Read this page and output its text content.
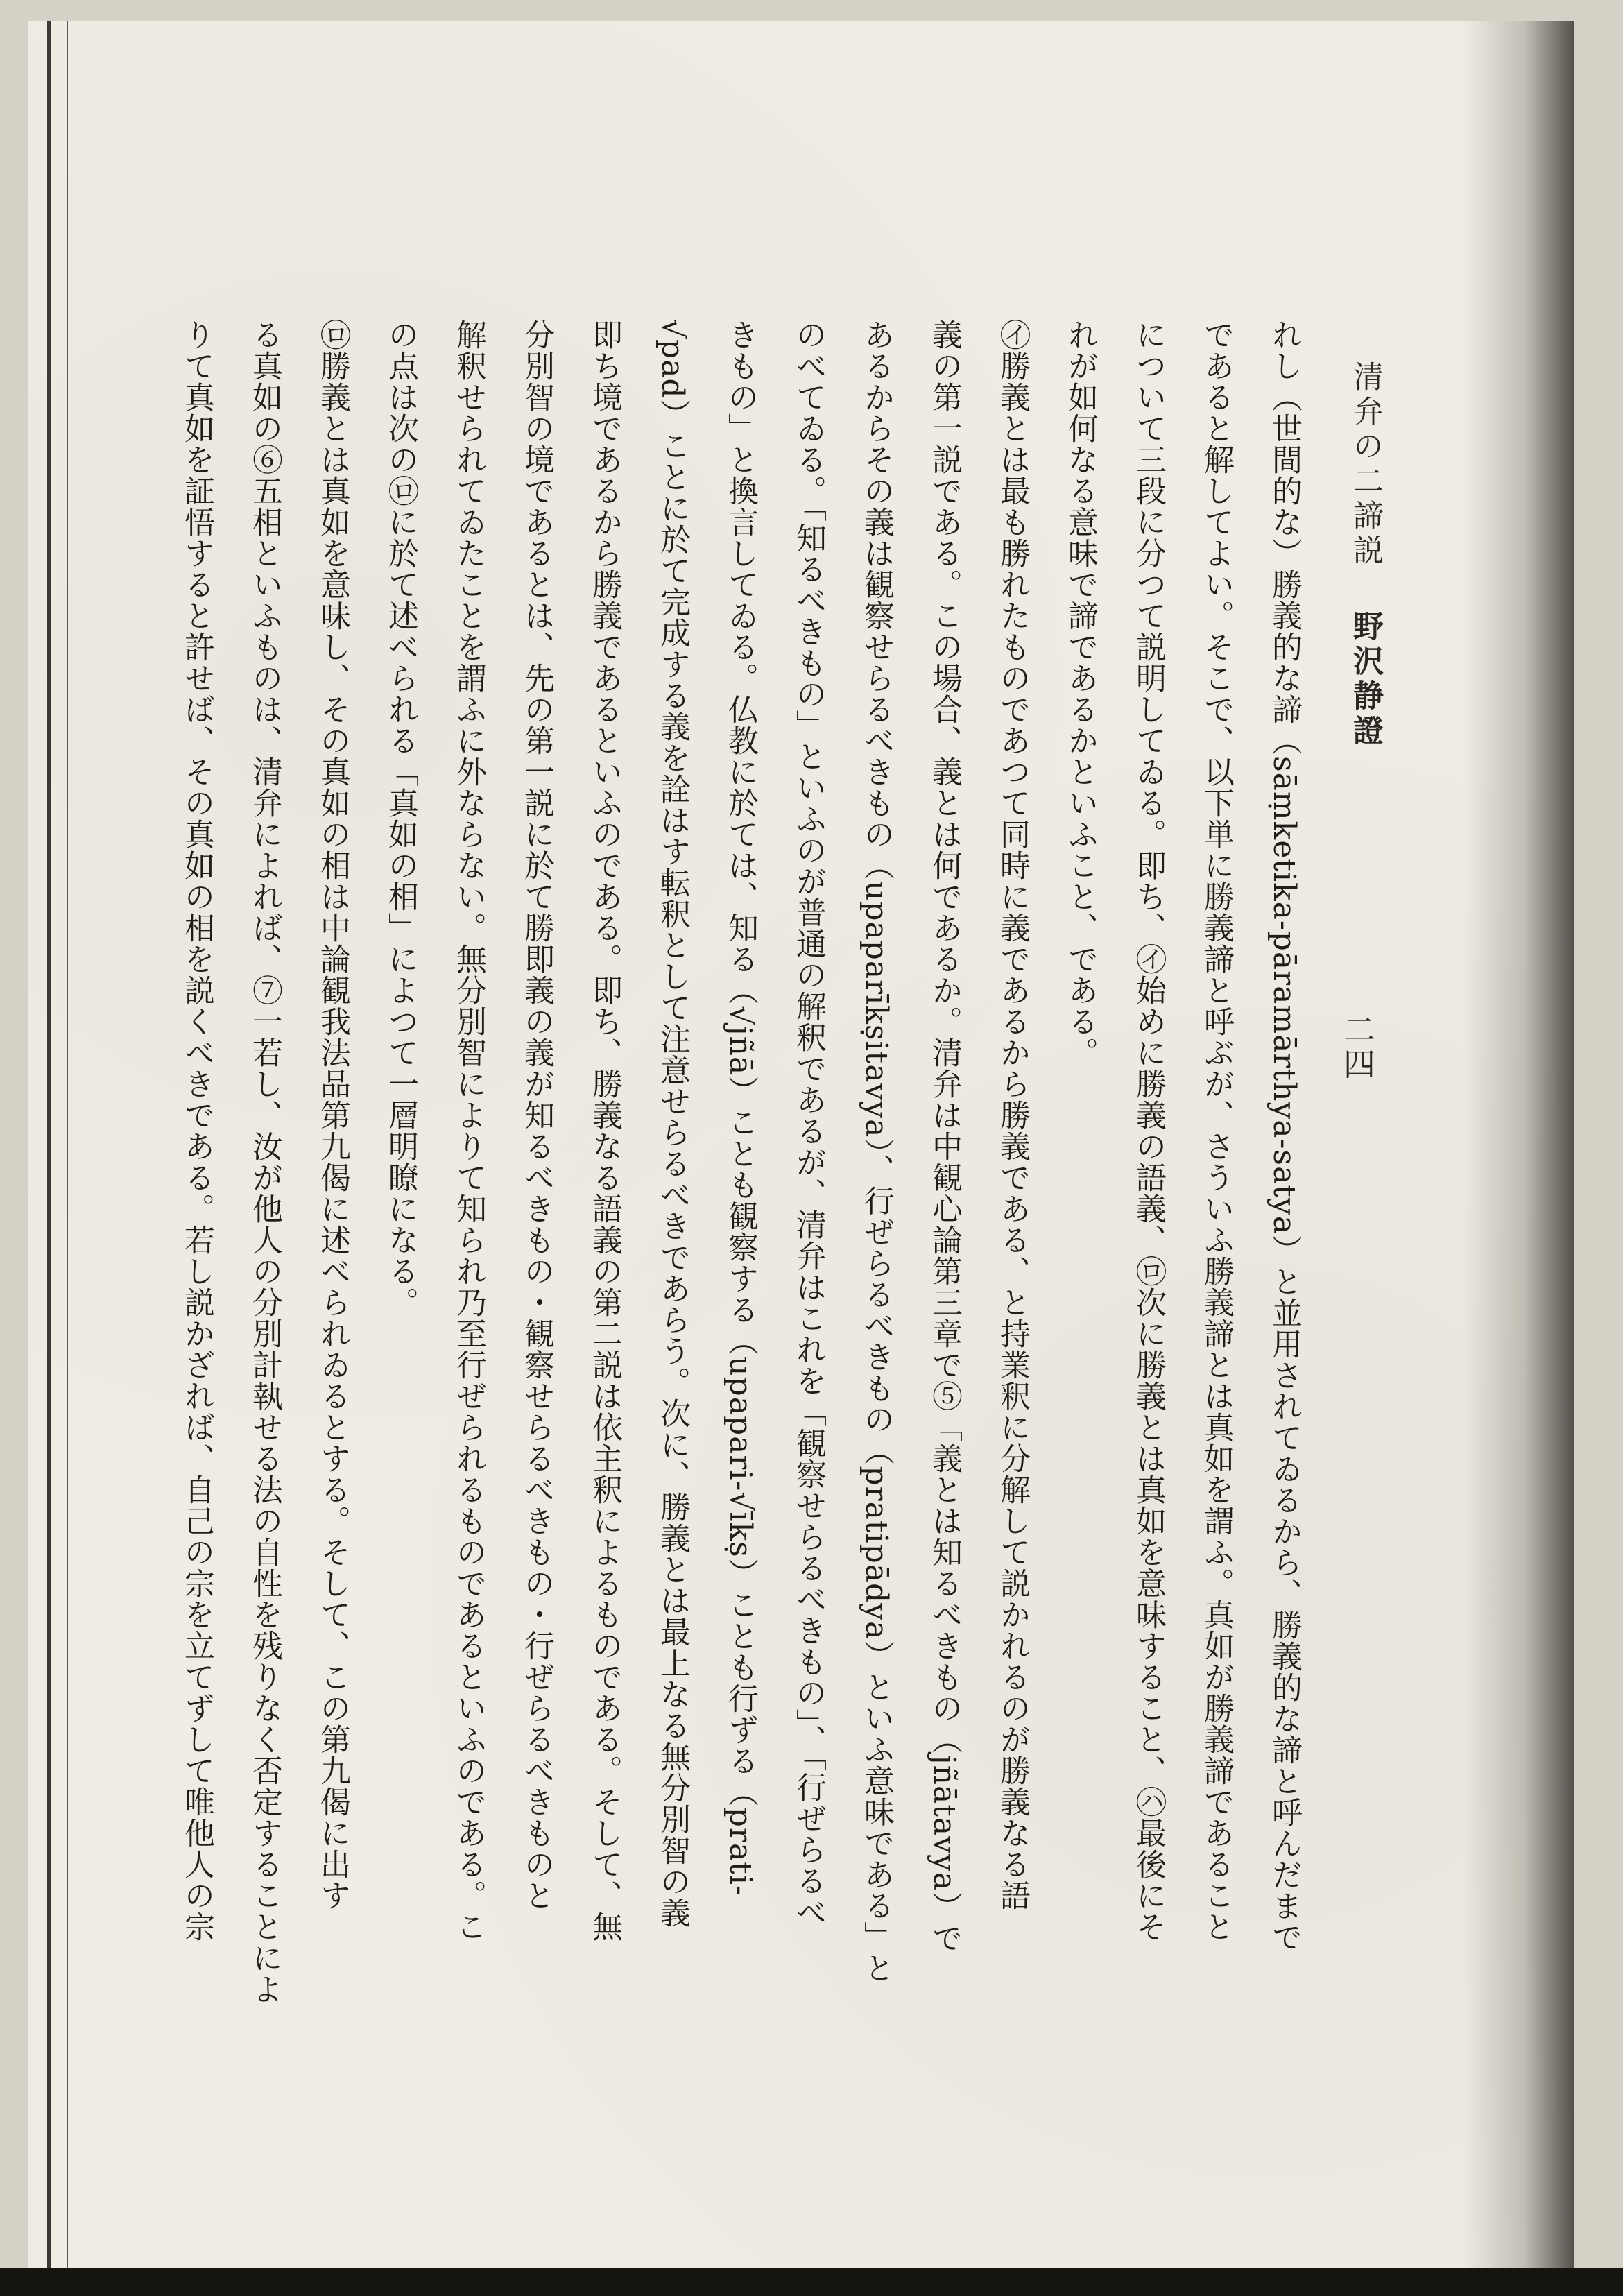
清弁の二諦説 野沢静證
二四
れし（世間的な）勝義的な諦（sāṃketika-pāramārthya-satya）と並用されてゐるから、勝義的な諦と呼んだまで
であると解してよい。そこで、以下単に勝義諦と呼ぶが、さういふ勝義諦とは真如を謂ふ。真如が勝義諦であること
について三段に分つて説明してゐる。即ち、㋑始めに勝義の語義、㋺次に勝義とは真如を意味すること、㋩最後にそ
れが如何なる意味で諦であるかといふこと、である。
㋑勝義とは最も勝れたものであつて同時に義であるから勝義である、と持業釈に分解して説かれるのが勝義なる語
義の第一説である。この場合、義とは何であるか。清弁は中観心論第三章で⑤「義とは知るべきもの（jñātavya）で
あるからその義は観察せらるべきもの（upaparīkṣitavya）、行ぜらるべきもの（pratipādya）といふ意味である」と
のべてゐる。「知るべきもの」といふのが普通の解釈であるが、清弁はこれを「観察せらるべきもの」、「行ぜらるべ
きもの」と換言してゐる。仏教に於ては、知る（√jñā）ことも観察する（upapari-√īkṣ）ことも行ずる（prati-
√pad）ことに於て完成する義を詮はす転釈として注意せらるべきであらう。次に、勝義とは最上なる無分別智の義
即ち境であるから勝義であるといふのである。即ち、勝義なる語義の第二説は依主釈によるものである。そして、無
分別智の境であるとは、先の第一説に於て勝即義の義が知るべきもの・観察せらるべきもの・行ぜらるべきものと
解釈せられてゐたことを謂ふに外ならない。無分別智によりて知られ乃至行ぜられるものであるといふのである。こ
の点は次の㋺に於て述べられる「真如の相」によつて一層明瞭になる。
㋺勝義とは真如を意味し、その真如の相は中論観我法品第九偈に述べられゐるとする。そして、この第九偈に出す
る真如の⑥五相といふものは、清弁によれば、⑦一若し、汝が他人の分別計執せる法の自性を残りなく否定することによ
りて真如を証悟すると許せば、その真如の相を説くべきである。若し説かざれば、自己の宗を立てずして唯他人の宗
